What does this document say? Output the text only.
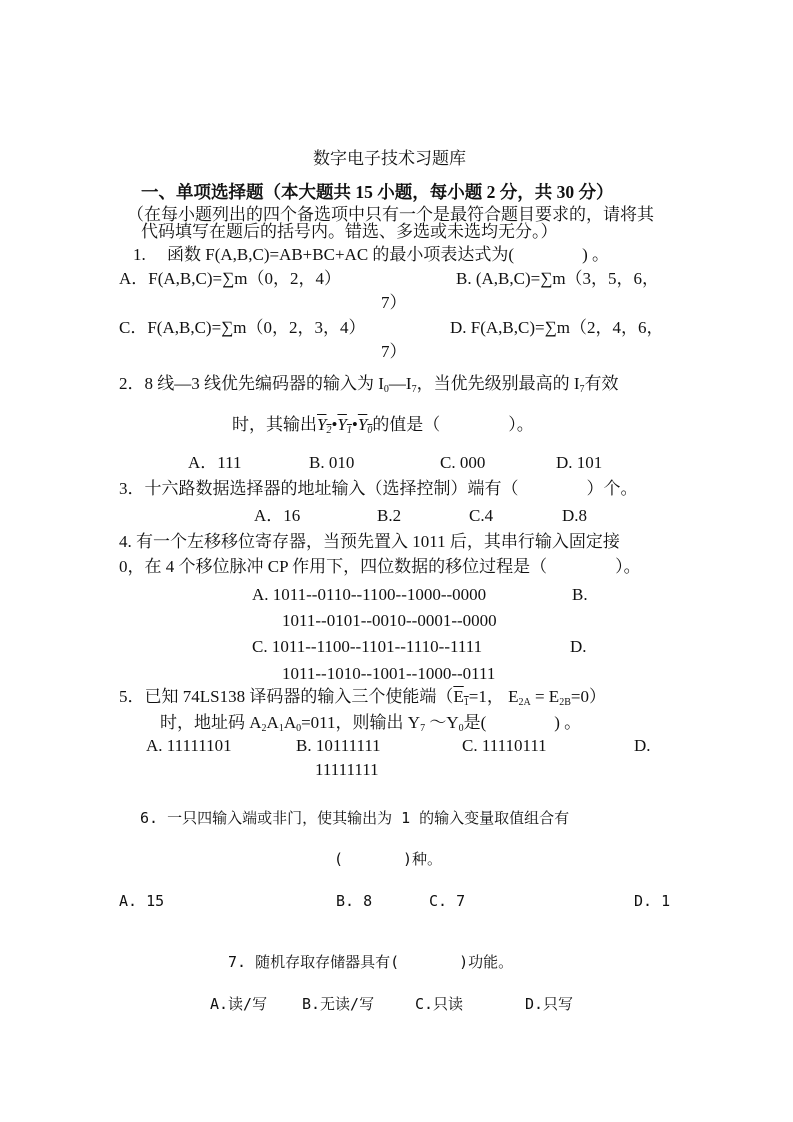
数字电子技术习题库
一、单项选择题（本大题共 15 小题，每小题 2 分，共 30 分）
（在每小题列出的四个备选项中只有一个是最符合题目要求的，请将其
代码填写在题后的括号内。错选、多选或未选均无分。）
1.　 函数 F(A,B,C)=AB+BC+AC 的最小项表达式为(　　　　) 。
A．F(A,B,C)=∑m（0，2，4）	B. (A,B,C)=∑m（3，5，6，
7）
C．F(A,B,C)=∑m（0，2，3，4）	D. F(A,B,C)=∑m（2，4，6，
7）
2．8 线—3 线优先编码器的输入为 $I_0—I_7$，当优先级别最高的 $I_7$有效
时，其输出$Y_2•Y_1•Y_0$的值是（　　　　）。
A．111	B. 010	C. 000	D. 101
3．十六路数据选择器的地址输入（选择控制）端有（　　　　）个。
A．16	B.2	C.4	D.8
4. 有一个左移移位寄存器，当预先置入 1011 后，其串行输入固定接
0，在 4 个移位脉冲 CP 作用下，四位数据的移位过程是（　　　　）。
A. 1011--0110--1100--1000--0000	B.
1011--0101--0010--0001--0000
C. 1011--1100--1101--1110--1111	D.
1011--1010--1001--1000--0111
5．已知 74LS138 译码器的输入三个使能端（$E_1=1$， $E_{2A} = E_{2B}=0$）
时，地址码 $A_2A_1A_0=011$，则输出 $Y_7$ $\sim Y_0$是(　　　　) 。
A. 11111101	B. 10111111	C. 11110111	D.
11111111
6. 一只四输入端或非门，使其输出为 1 的输入变量取值组合有
(　　　　)种。
A. 15	B. 8	C. 7	D. 1
7. 随机存取存储器具有(　　　　)功能。
A.读/写 B.无读/写	C.只读	D.只写
